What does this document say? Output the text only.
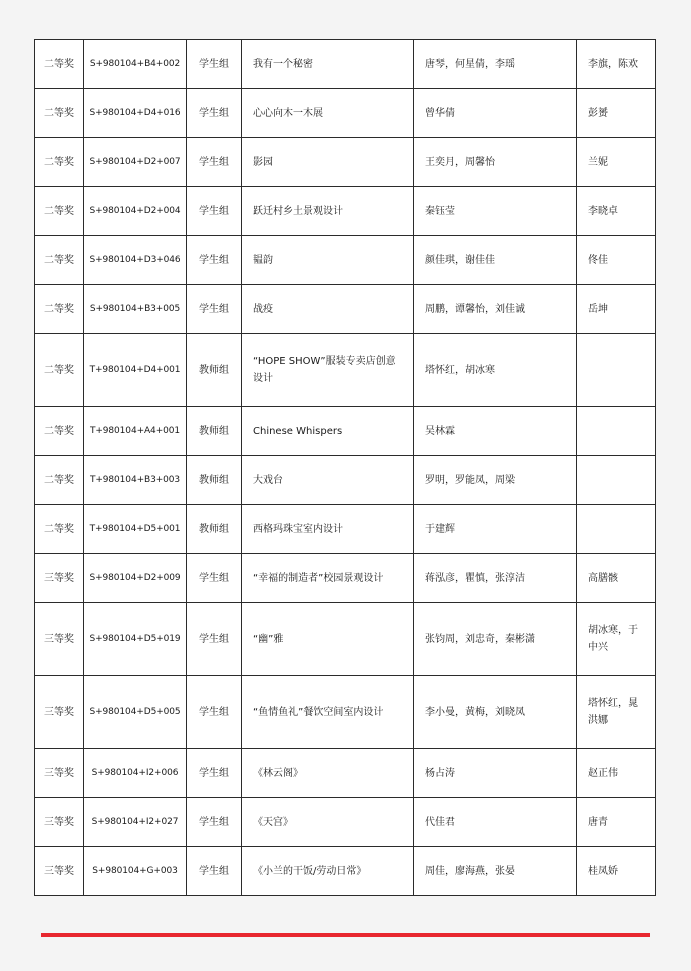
二等奖	S+980104+B4+002	学生组	我有一个秘密	唐琴，何星倩，李瑶	李旗，陈欢
二等奖	S+980104+D4+016	学生组	心心向木一木展	曾华倩	彭赟
二等奖	S+980104+D2+007	学生组	影园	王奕月，周馨怡	兰妮
二等奖	S+980104+D2+004	学生组	跃迁村乡土景观设计	秦钰莹	李晓卓
二等奖	S+980104+D3+046	学生组	韫韵	颜佳琪，谢佳佳	佟佳
二等奖	S+980104+B3+005	学生组	战疫	周鹏，谭馨怡，刘佳诚	岳坤
二等奖	T+980104+D4+001	教师组	“HOPE SHOW”服装专卖店创意设计	塔怀红，胡冰寒	
二等奖	T+980104+A4+001	教师组	Chinese Whispers	吴林霖	
二等奖	T+980104+B3+003	教师组	大戏台	罗明，罗能凤，周梁	
二等奖	T+980104+D5+001	教师组	西格玛珠宝室内设计	于建辉	
三等奖	S+980104+D2+009	学生组	“幸福的制造者”校园景观设计	蒋泓彦，瞿慎，张淳洁	高膳骸
三等奖	S+980104+D5+019	学生组	“幽”雅	张钧周，刘忠奇，秦彬潇	胡冰寒，于中兴
三等奖	S+980104+D5+005	学生组	“鱼情鱼礼”餐饮空间室内设计	李小曼，黄梅，刘晓凤	塔怀红，晁洪娜
三等奖	S+980104+I2+006	学生组	《林云阁》	杨占涛	赵正伟
三等奖	S+980104+I2+027	学生组	《天宫》	代佳君	唐青
三等奖	S+980104+G+003	学生组	《小兰的干饭/劳动日常》	周佳，廖海燕，张晏	桂凤娇
